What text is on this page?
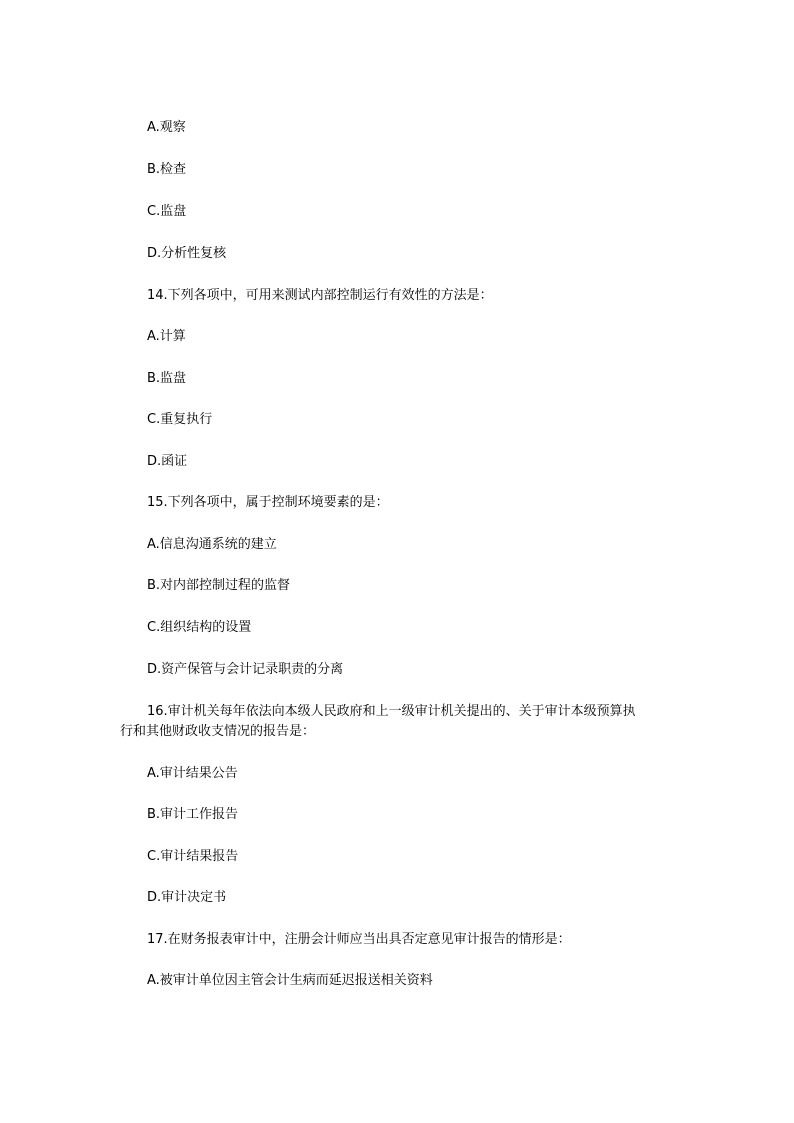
A.观察
B.检查
C.监盘
D.分析性复核
14.下列各项中，可用来测试内部控制运行有效性的方法是：
A.计算
B.监盘
C.重复执行
D.函证
15.下列各项中，属于控制环境要素的是：
A.信息沟通系统的建立
B.对内部控制过程的监督
C.组织结构的设置
D.资产保管与会计记录职责的分离
16.审计机关每年依法向本级人民政府和上一级审计机关提出的、关于审计本级预算执
行和其他财政收支情况的报告是：
A.审计结果公告
B.审计工作报告
C.审计结果报告
D.审计决定书
17.在财务报表审计中，注册会计师应当出具否定意见审计报告的情形是：
A.被审计单位因主管会计生病而延迟报送相关资料
